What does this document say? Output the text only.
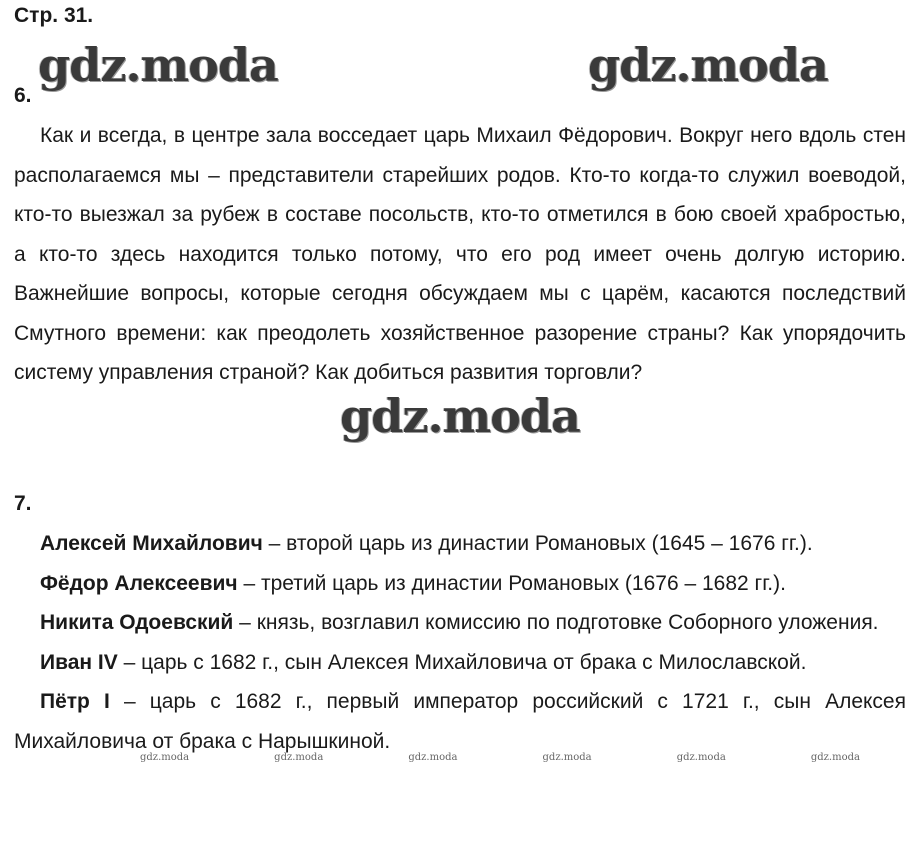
Стр. 31.

gdz.moda	gdz.moda

6.

Как и всегда, в центре зала восседает царь Михаил Фёдорович. Вокруг него вдоль стен располагаемся мы – представители старейших родов. Кто-то когда-то служил воеводой, кто-то выезжал за рубеж в составе посольств, кто-то отметился в бою своей храбростью, а кто-то здесь находится только потому, что его род имеет очень долгую историю. Важнейшие вопросы, которые сегодня обсуждаем мы с царём, касаются последствий Смутного времени: как преодолеть хозяйственное разорение страны? Как упорядочить систему управления страной? Как добиться развития торговли?

gdz.moda

7.

Алексей Михайлович – второй царь из династии Романовых (1645 – 1676 гг.).
Фёдор Алексеевич – третий царь из династии Романовых (1676 – 1682 гг.).
Никита Одоевский – князь, возглавил комиссию по подготовке Соборного уложения.
Иван IV – царь с 1682 г., сын Алексея Михайловича от брака с Милославской.
Пётр I – царь с 1682 г., первый император российский с 1721 г., сын Алексея Михайловича от брака с Нарышкиной.
gdz.moda	gdz.moda	gdz.moda	gdz.moda	gdz.moda	gdz.moda
